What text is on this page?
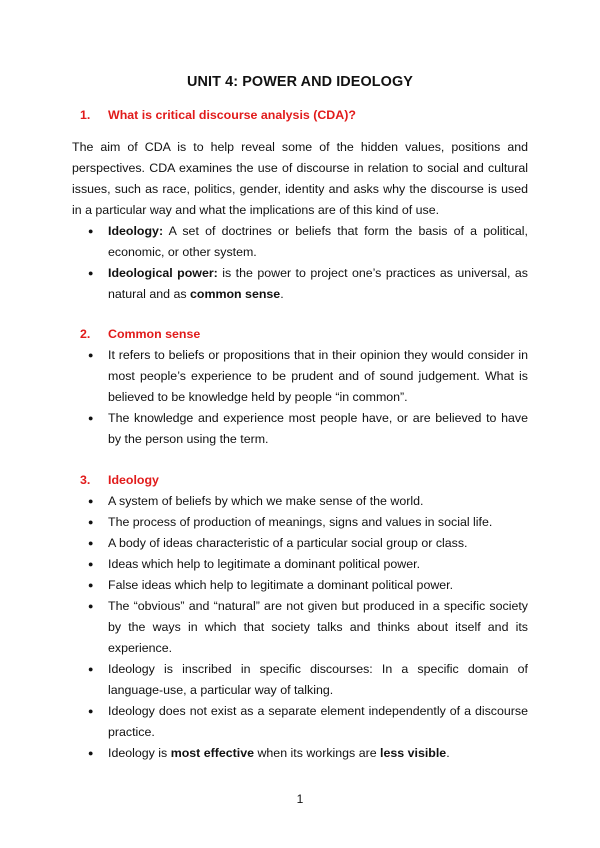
UNIT 4: POWER AND IDEOLOGY
1. What is critical discourse analysis (CDA)?
The aim of CDA is to help reveal some of the hidden values, positions and perspectives. CDA examines the use of discourse in relation to social and cultural issues, such as race, politics, gender, identity and asks why the discourse is used in a particular way and what the implications are of this kind of use.
● Ideology: A set of doctrines or beliefs that form the basis of a political, economic, or other system.
● Ideological power: is the power to project one’s practices as universal, as natural and as common sense.
2. Common sense
● It refers to beliefs or propositions that in their opinion they would consider in most people’s experience to be prudent and of sound judgement. What is believed to be knowledge held by people “in common”.
● The knowledge and experience most people have, or are believed to have by the person using the term.
3. Ideology
● A system of beliefs by which we make sense of the world.
● The process of production of meanings, signs and values in social life.
● A body of ideas characteristic of a particular social group or class.
● Ideas which help to legitimate a dominant political power.
● False ideas which help to legitimate a dominant political power.
● The “obvious” and “natural” are not given but produced in a specific society by the ways in which that society talks and thinks about itself and its experience.
● Ideology is inscribed in specific discourses: In a specific domain of language-use, a particular way of talking.
● Ideology does not exist as a separate element independently of a discourse practice.
● Ideology is most effective when its workings are less visible.
1
